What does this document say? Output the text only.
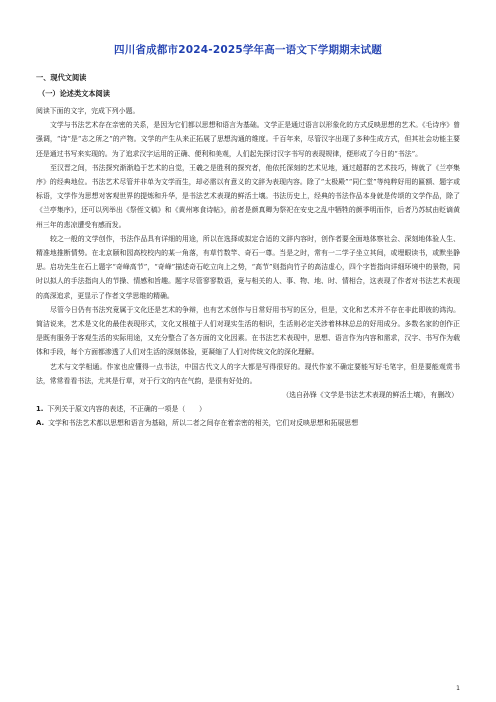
四川省成都市2024-2025学年高一语文下学期期末试题
一、现代文阅读
（一）论述类文本阅读

阅读下面的文字，完成下列小题。

文学与书法艺术存在亲密的关系，是因为它们都以思想和语言为基础。文学正是通过语言以形象化的方式反映思想的艺术。《毛诗序》曾强调，“诗”是“志之所之”的产物。文学的产生从来正拓展了思想沟通的维度。千百年来，尽管汉字出现了多种生成方式，但其社会功能主要还是通过书写来实现的。为了追求汉字运用的正确、便利和美观，人们起先探讨汉字书写的表现规律，便形成了今日的“书法”。

至汉晋之间，书法探究渐渐趋于艺术的自觉，王羲之是胜利的探究者，他依托深刻的艺术见地，通过超群的艺术技巧，铸就了《兰亭集序》的经典地位。书法艺术尽管并非单为文学而生，却必需以有意义的文辞为表现内容。除了“太极殿”“同仁堂”等纯粹好用的匾额、题字或标语，文学作为思想对客观世界的提炼和升华，是书法艺术表现的鲜活土壤。书法历史上，经典的书法作品本身就是传颂的文学作品，除了《兰亭集序》，还可以列举出《祭侄文稿》和《黄州寒食诗帖》，前者是颜真卿为祭祀在安史之乱中牺牲的颜季明而作，后者乃苏轼由贬谪黄州三年的悲凉遭受有感而发。

较之一般的文学创作，书法作品具有详细的用途，所以在选择或拟定合适的文辞内容时，创作者要全面地体察社会、深刻地体验人生、精准地推断情势。在北京颐和园高校校内的某一角落，有草竹数竿、奇石一尊。当是之时，常有一二学子坐立其间，或埋眼读书，或默坐静思。启功先生在石上题字“奇峰高节”，“奇峰”描述奇石屹立向上之势，“高节”则指向竹子的高洁虚心，四个字皆指向详细环境中的景物，同时以拟人的手法指向人的节操、情感和旨趣。题字尽管寥寥数语，竟与相关的人、事、物、地、时、情相合，这表现了作者对书法艺术表现的高深追求，更显示了作者文学思维的精确。

尽管今日仍有书法究竟属于文化还是艺术的争辩，也有艺术创作与日常好用书写的区分，但是，文化和艺术并不存在非此即彼的鸿沟。简洁说来，艺术是文化的最佳表现形式，文化又根植于人们对现实生活的相识，生活则必定关涉着林林总总的好用成分。多数名家的创作正是既有服务于客观生活的实际用途，又充分整合了各方面的文化因素。在书法艺术表现中，思想、语言作为内容和需求，汉字、书写作为载体和手段，每个方面都渗透了人们对生活的深刻体验，更凝缩了人们对传统文化的深化理解。

艺术与文学相通。作家也应懂得一点书法，中国古代文人的字大都是写得很好的。现代作家不确定要能写好毛笔字，但是要能观赏书法，常常看看书法，尤其是行草，对于行文的内在气韵，是很有好处的。

（选自孙锋《文学是书法艺术表现的鲜活土壤》，有删改）

1. 下列关于原文内容的表述，不正确的一项是（　　）

A. 文学和书法艺术都以思想和语言为基础，所以二者之间存在着亲密的相关，它们对反映思想和拓展思想

1
